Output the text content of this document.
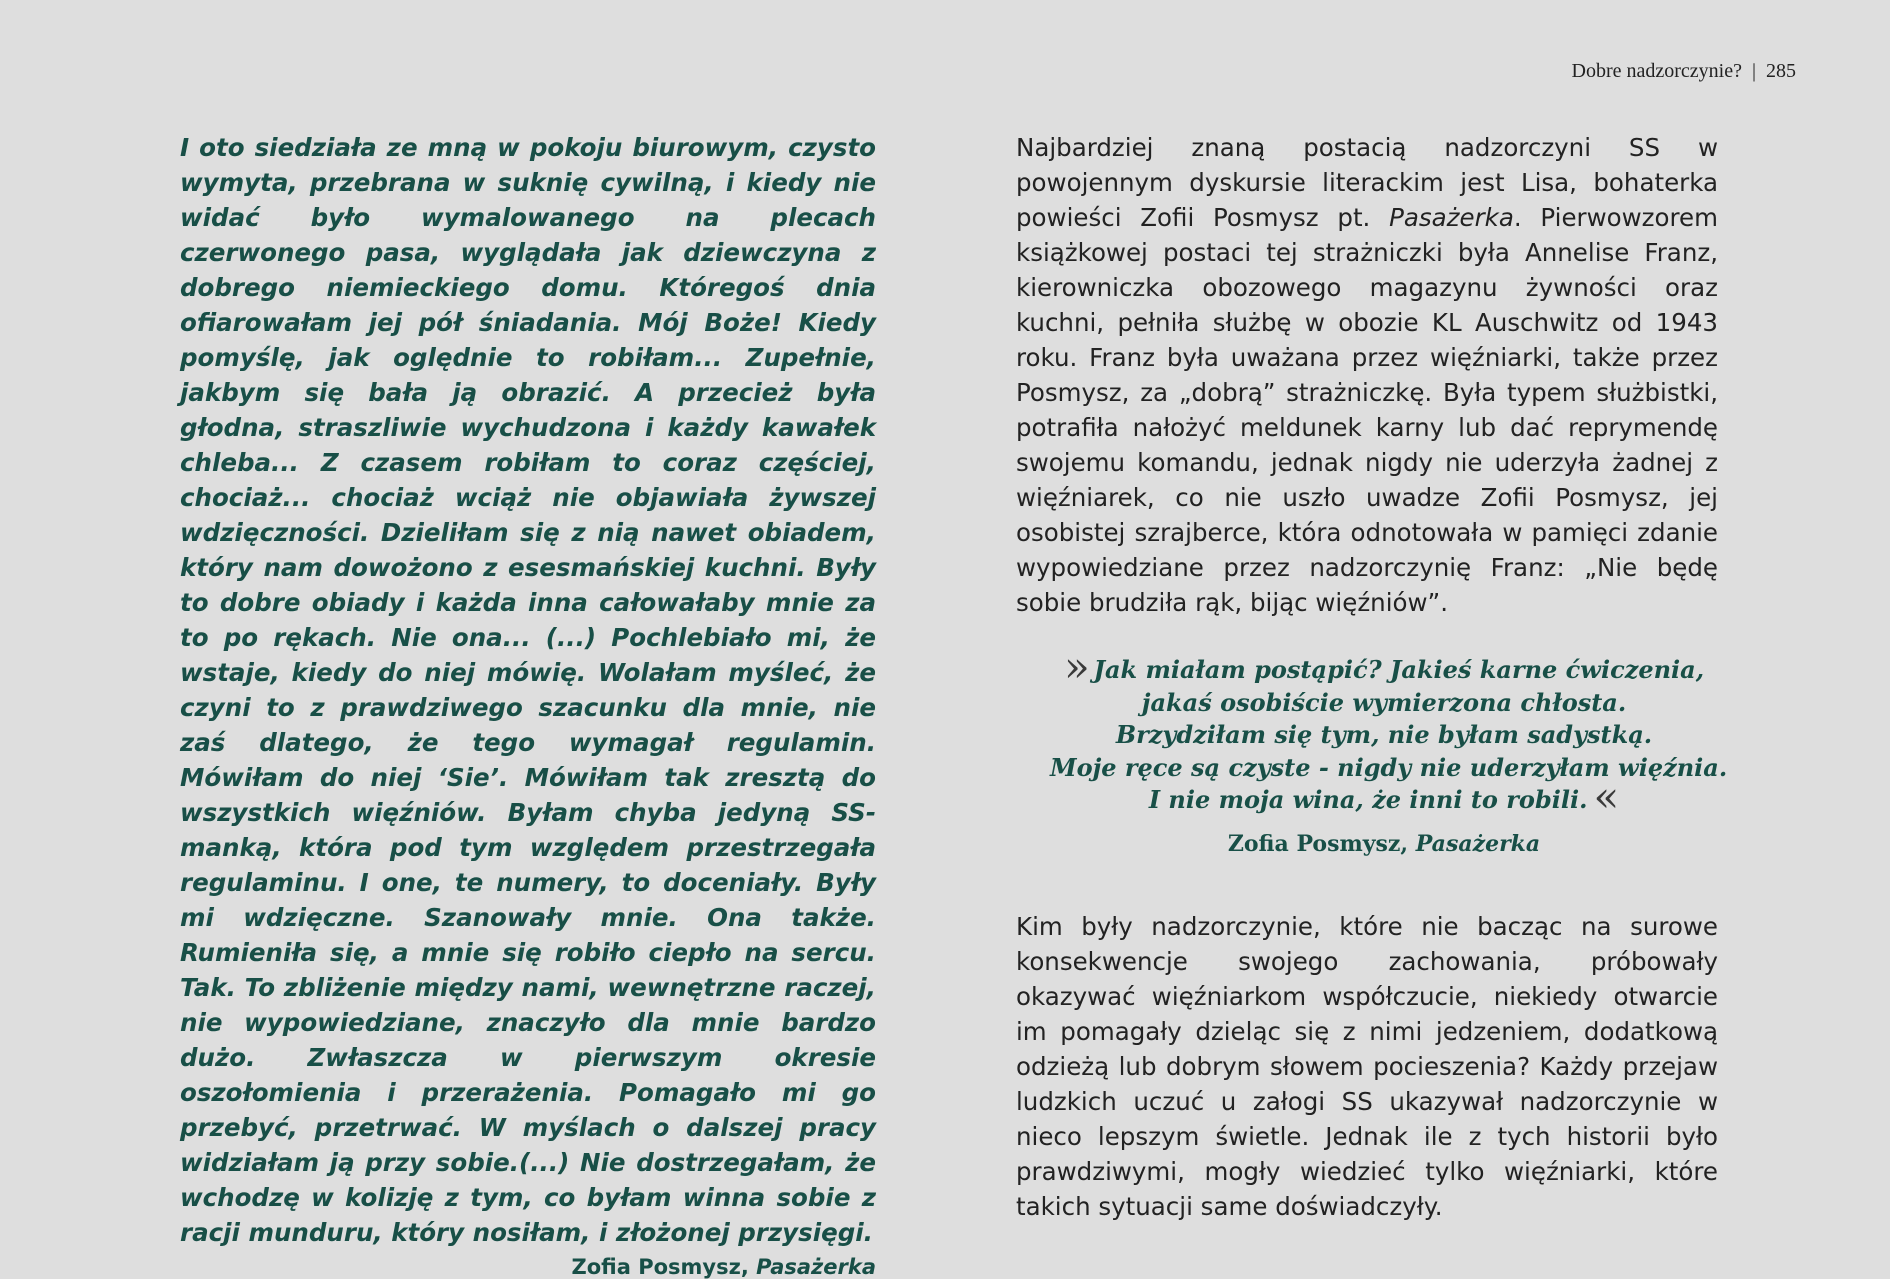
Dobre nadzorczynie? | 285

I oto siedziała ze mną w pokoju biurowym, czysto wymyta, przebrana w suknię cywilną, i kiedy nie widać było wymalowanego na plecach czerwonego pasa, wyglądała jak dziewczyna z dobrego niemieckiego domu. Któregoś dnia ofiarowałam jej pół śniadania. Mój Boże! Kiedy pomyślę, jak oględnie to robiłam... Zupełnie, jakbym się bała ją obrazić. A przecież była głodna, straszliwie wychudzona i każdy kawałek chleba... Z czasem robiłam to coraz częściej, chociaż... chociaż wciąż nie objawiała żywszej wdzięczności. Dzieliłam się z nią nawet obiadem, który nam dowożono z esesmańskiej kuchni. Były to dobre obiady i każda inna całowałaby mnie za to po rękach. Nie ona... (...) Pochlebiało mi, że wstaje, kiedy do niej mówię. Wolałam myśleć, że czyni to z prawdziwego szacunku dla mnie, nie zaś dlatego, że tego wymagał regulamin. Mówiłam do niej ‘Sie’. Mówiłam tak zresztą do wszystkich więźniów. Byłam chyba jedyną SS-manką, która pod tym względem przestrzegała regulaminu. I one, te numery, to doceniały. Były mi wdzięczne. Szanowały mnie. Ona także. Rumieniła się, a mnie się robiło ciepło na sercu. Tak. To zbliżenie między nami, wewnętrzne raczej, nie wypowiedziane, znaczyło dla mnie bardzo dużo. Zwłaszcza w pierwszym okresie oszołomienia i przerażenia. Pomagało mi go przebyć, przetrwać. W myślach o dalszej pracy widziałam ją przy sobie.(...) Nie dostrzegałam, że wchodzę w kolizję z tym, co byłam winna sobie z racji munduru, który nosiłam, i złożonej przysięgi.

Zofia Posmysz, Pasażerka

Najbardziej znaną postacią nadzorczyni SS w powojennym dyskursie literackim jest Lisa, bohaterka powieści Zofii Posmysz pt. Pasażerka. Pierwowzorem książkowej postaci tej strażniczki była Annelise Franz, kierowniczka obozowego magazynu żywności oraz kuchni, pełniła służbę w obozie KL Auschwitz od 1943 roku. Franz była uważana przez więźniarki, także przez Posmysz, za „dobrą” strażniczkę. Była typem służbistki, potrafiła nałożyć meldunek karny lub dać reprymendę swojemu komandu, jednak nigdy nie uderzyła żadnej z więźniarek, co nie uszło uwadze Zofii Posmysz, jej osobistej szrajberce, która odnotowała w pamięci zdanie wypowiedziane przez nadzorczynię Franz: „Nie będę sobie brudziła rąk, bijąc więźniów”.

» Jak miałam postąpić? Jakieś karne ćwiczenia,
jakaś osobiście wymierzona chłosta.
Brzydziłam się tym, nie byłam sadystką.
Moje ręce są czyste - nigdy nie uderzyłam więźnia.
I nie moja wina, że inni to robili. «
Zofia Posmysz, Pasażerka

Kim były nadzorczynie, które nie bacząc na surowe konsekwencje swojego zachowania, próbowały okazywać więźniarkom współczucie, niekiedy otwarcie im pomagały dzieląc się z nimi jedzeniem, dodatkową odzieżą lub dobrym słowem pocieszenia? Każdy przejaw ludzkich uczuć u załogi SS ukazywał nadzorczynie w nieco lepszym świetle. Jednak ile z tych historii było prawdziwymi, mogły wiedzieć tylko więźniarki, które takich sytuacji same doświadczyły.
